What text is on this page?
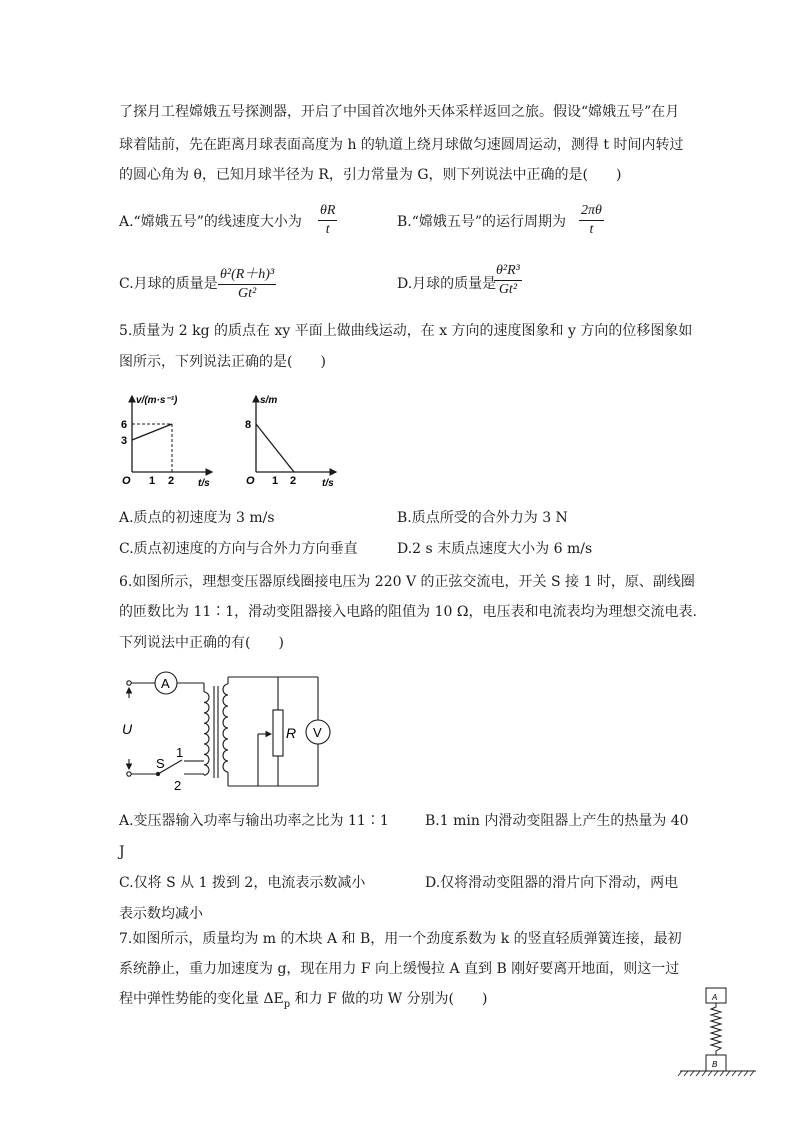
了探月工程嫦娥五号探测器，开启了中国首次地外天体采样返回之旅。假设“嫦娥五号”在月
球着陆前，先在距离月球表面高度为 h 的轨道上绕月球做匀速圆周运动，测得 t 时间内转过
的圆心角为 θ，已知月球半径为 R，引力常量为 G，则下列说法中正确的是(　　)
A.“嫦娥五号”的线速度大小为
θR
t	B.“嫦娥五号”的运行周期为
2πθ
t
C.月球的质量是
θ²(R＋h)³
Gt²
D.月球的质量是
θ²R³
Gt²
5.质量为 2 kg 的质点在 xy 平面上做曲线运动，在 x 方向的速度图象和 y 方向的位移图象如
图所示，下列说法正确的是(　　)
v/(m·s⁻¹)
6
3
O 1 2 t/s
s/m
8
O 1 2	t/s
A.质点的初速度为 3 m/s	B.质点所受的合外力为 3 N
C.质点初速度的方向与合外力方向垂直	D.2 s 末质点速度大小为 6 m/s
6.如图所示，理想变压器原线圈接电压为 220 V 的正弦交流电，开关 S 接 1 时，原、副线圈
的匝数比为 11∶1，滑动变阻器接入电路的阻值为 10 Ω，电压表和电流表均为理想交流电表.
下列说法中正确的有(　　)
A
V
U	R
S
1
2
A.变压器输入功率与输出功率之比为 11∶1	B.1 min 内滑动变阻器上产生的热量为 40
J
C.仅将 S 从 1 拨到 2，电流表示数减小	D.仅将滑动变阻器的滑片向下滑动，两电
表示数均减小
7.如图所示，质量均为 m 的木块 A 和 B，用一个劲度系数为 k 的竖直轻质弹簧连接，最初
系统静止，重力加速度为 g，现在用力 F 向上缓慢拉 A 直到 B 刚好要离开地面，则这一过
程中弹性势能的变化量 $\Delta E_p$ 和力 F 做的功 W 分别为(　　)	A
B
